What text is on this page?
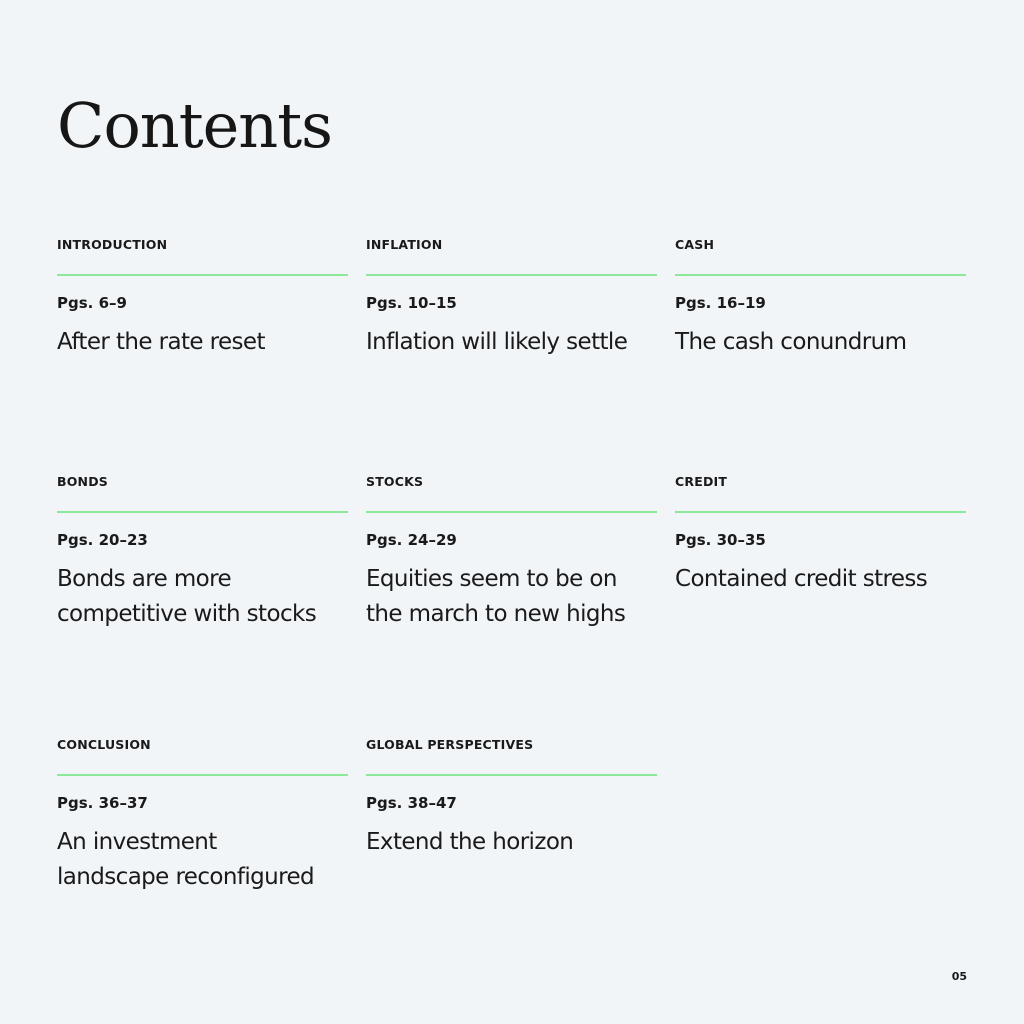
Contents
INTRODUCTION
Pgs. 6–9
After the rate reset
INFLATION
Pgs. 10–15
Inflation will likely settle
CASH
Pgs. 16–19
The cash conundrum
BONDS
Pgs. 20–23
Bonds are more
competitive with stocks
STOCKS
Pgs. 24–29
Equities seem to be on
the march to new highs
CREDIT
Pgs. 30–35
Contained credit stress
CONCLUSION
Pgs. 36–37
An investment
landscape reconfigured
GLOBAL PERSPECTIVES
Pgs. 38–47
Extend the horizon
05
